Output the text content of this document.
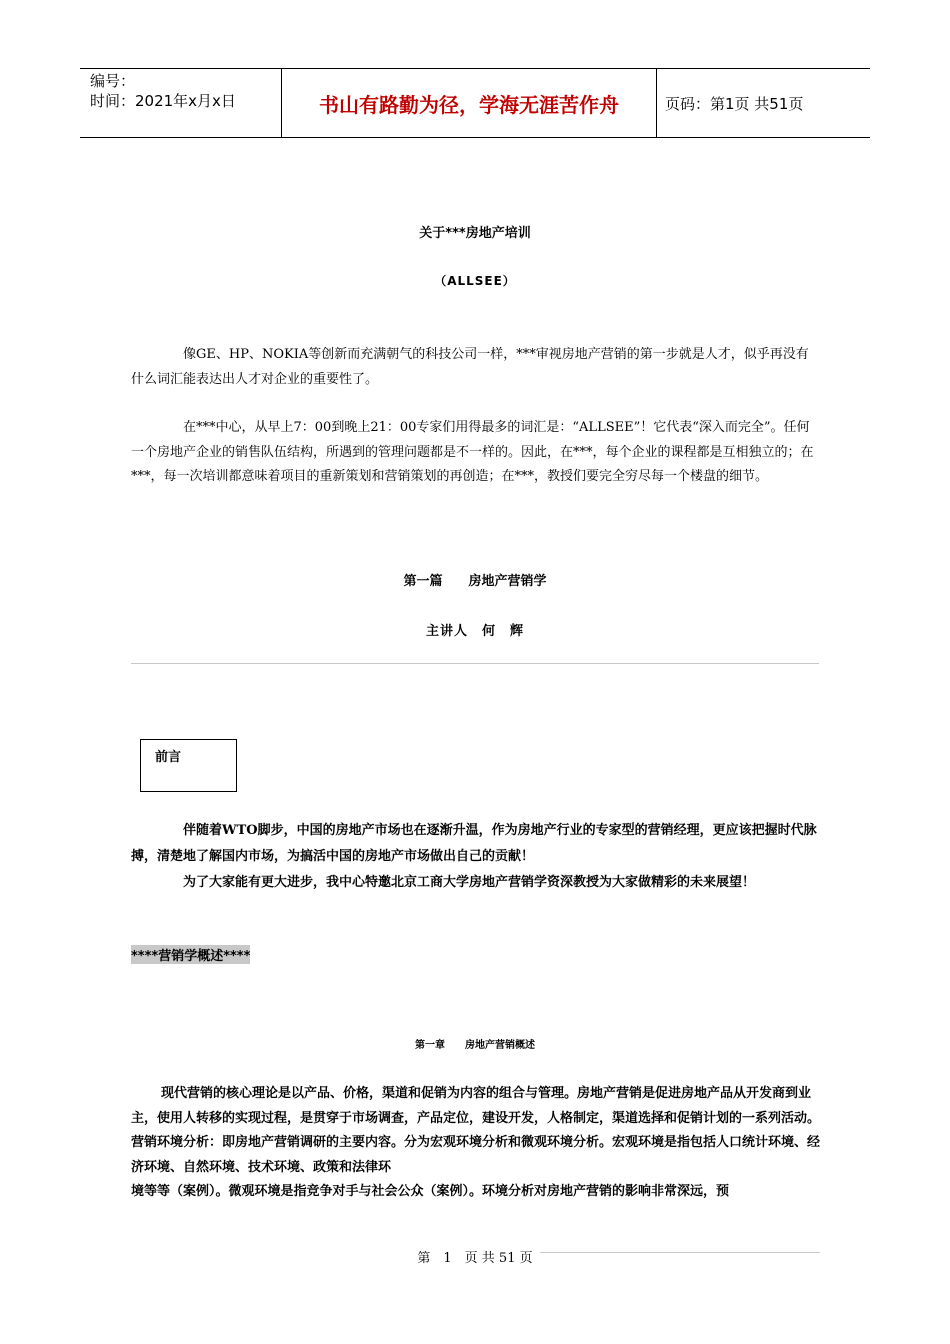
编号：
时间：2021年x月x日	书山有路勤为径，学海无涯苦作舟	页码：第1页 共51页
关于***房地产培训
（ALLSEE）

像GE、HP、NOKIA等创新而充满朝气的科技公司一样，***审视房地产营销的第一步就是人才，似乎再没有什么词汇能表达出人才对企业的重要性了。

在***中心，从早上7：00到晚上21：00专家们用得最多的词汇是：“ALLSEE”！它代表“深入而完全”。任何一个房地产企业的销售队伍结构，所遇到的管理问题都是不一样的。因此，在***，每个企业的课程都是互相独立的；在***，每一次培训都意味着项目的重新策划和营销策划的再创造；在***，教授们要完全穷尽每一个楼盘的细节。

第一篇　　房地产营销学
主讲人　何　辉
前言

伴随着WTO脚步，中国的房地产市场也在逐渐升温，作为房地产行业的专家型的营销经理，更应该把握时代脉搏，清楚地了解国内市场，为搞活中国的房地产市场做出自己的贡献！

为了大家能有更大进步，我中心特邀北京工商大学房地产营销学资深教授为大家做精彩的未来展望！

****营销学概述****
第一章　　房地产营销概述

现代营销的核心理论是以产品、价格，渠道和促销为内容的组合与管理。房地产营销是促进房地产品从开发商到业主，使用人转移的实现过程，是贯穿于市场调查，产品定位，建设开发，人格制定，渠道选择和促销计划的一系列活动。

营销环境分析：即房地产营销调研的主要内容。分为宏观环境分析和微观环境分析。宏观环境是指包括人口统计环境、经济环境、自然环境、技术环境、政策和法律环

境等等（案例）。微观环境是指竞争对手与社会公众（案例）。环境分析对房地产营销的影响非常深远，预

第　1　页 共 51 页
